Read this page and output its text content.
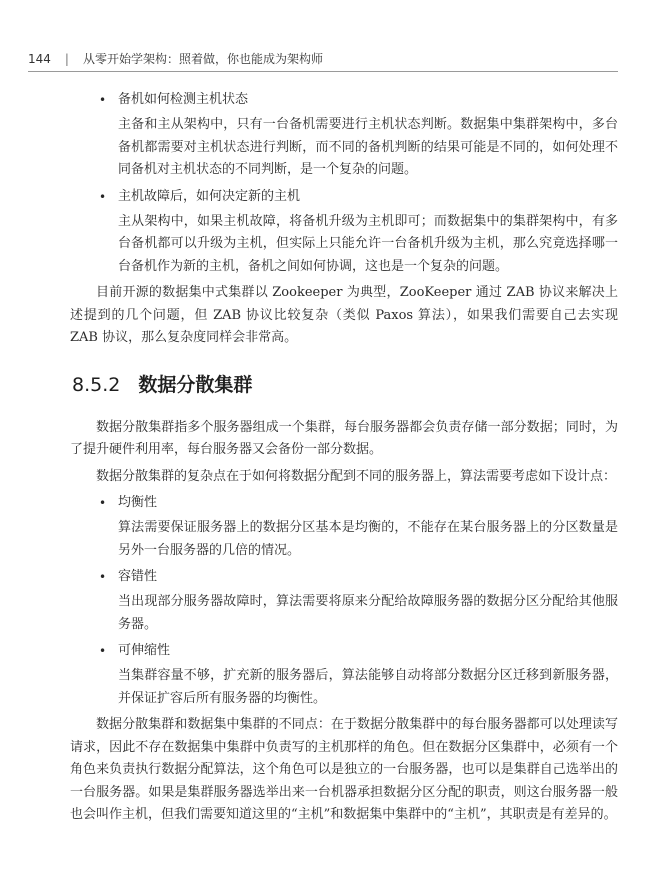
144 | 从零开始学架构：照着做，你也能成为架构师
• 备机如何检测主机状态

主备和主从架构中，只有一台备机需要进行主机状态判断。数据集中集群架构中，多台备机都需要对主机状态进行判断，而不同的备机判断的结果可能是不同的，如何处理不同备机对主机状态的不同判断，是一个复杂的问题。

• 主机故障后，如何决定新的主机

主从架构中，如果主机故障，将备机升级为主机即可；而数据集中的集群架构中，有多台备机都可以升级为主机，但实际上只能允许一台备机升级为主机，那么究竟选择哪一台备机作为新的主机，备机之间如何协调，这也是一个复杂的问题。

目前开源的数据集中式集群以 Zookeeper 为典型，ZooKeeper 通过 ZAB 协议来解决上述提到的几个问题，但 ZAB 协议比较复杂（类似 Paxos 算法），如果我们需要自己去实现 ZAB 协议，那么复杂度同样会非常高。

8.5.2 数据分散集群

数据分散集群指多个服务器组成一个集群，每台服务器都会负责存储一部分数据；同时，为了提升硬件利用率，每台服务器又会备份一部分数据。

数据分散集群的复杂点在于如何将数据分配到不同的服务器上，算法需要考虑如下设计点：

• 均衡性

算法需要保证服务器上的数据分区基本是均衡的，不能存在某台服务器上的分区数量是另外一台服务器的几倍的情况。

• 容错性

当出现部分服务器故障时，算法需要将原来分配给故障服务器的数据分区分配给其他服务器。

• 可伸缩性

当集群容量不够，扩充新的服务器后，算法能够自动将部分数据分区迁移到新服务器，并保证扩容后所有服务器的均衡性。

数据分散集群和数据集中集群的不同点：在于数据分散集群中的每台服务器都可以处理读写请求，因此不存在数据集中集群中负责写的主机那样的角色。但在数据分区集群中，必须有一个角色来负责执行数据分配算法，这个角色可以是独立的一台服务器，也可以是集群自己选举出的一台服务器。如果是集群服务器选举出来一台机器承担数据分区分配的职责，则这台服务器一般也会叫作主机，但我们需要知道这里的“主机”和数据集中集群中的“主机”，其职责是有差异的。
